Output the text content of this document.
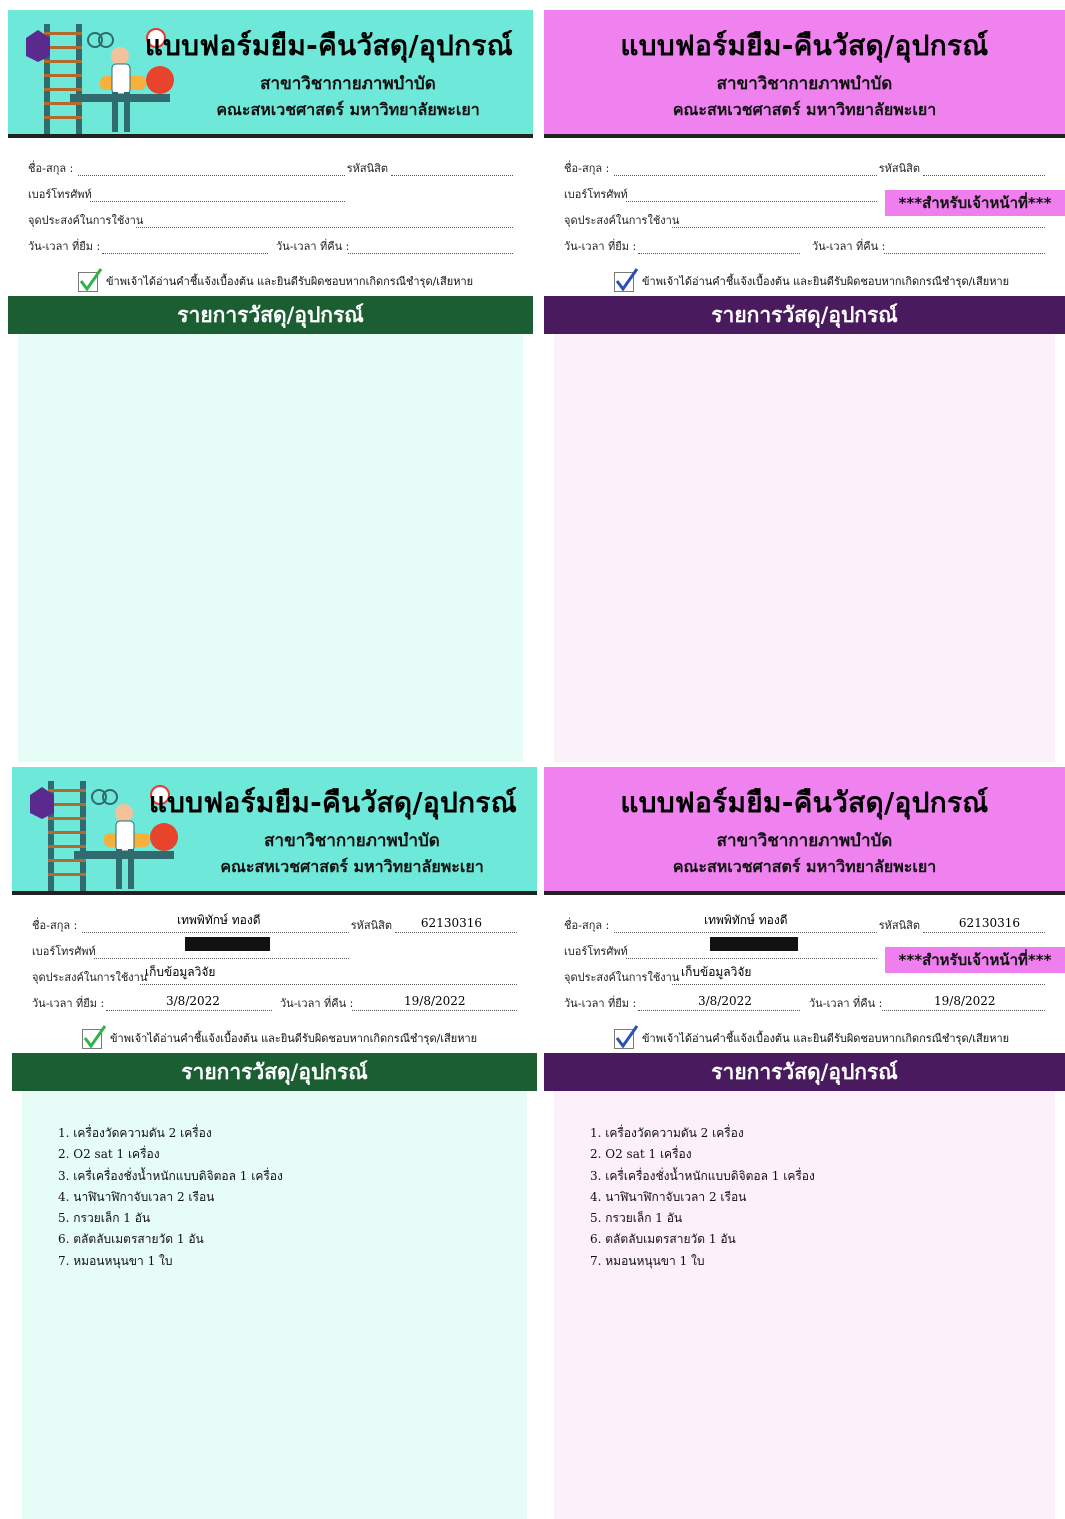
แบบฟอร์มยืม-คืนวัสดุ/อุปกรณ์
สาขาวิชากายภาพบำบัด
คณะสหเวชศาสตร์ มหาวิทยาลัยพะเยา
ชื่อ-สกุล :	รหัสนิสิต
เบอร์โทรศัพท์
จุดประสงค์ในการใช้งาน
วัน-เวลา ที่ยืม :	วัน-เวลา ที่คืน :
ข้าพเจ้าได้อ่านคำชี้แจ้งเบื้องต้น และยินดีรับผิดชอบหากเกิดกรณีชำรุด/เสียหาย
รายการวัสดุ/อุปกรณ์
แบบฟอร์มยืม-คืนวัสดุ/อุปกรณ์
สาขาวิชากายภาพบำบัด
คณะสหเวชศาสตร์ มหาวิทยาลัยพะเยา
ชื่อ-สกุล :	รหัสนิสิต
เบอร์โทรศัพท์	***สำหรับเจ้าหน้าที่***
จุดประสงค์ในการใช้งาน
วัน-เวลา ที่ยืม :	วัน-เวลา ที่คืน :
ข้าพเจ้าได้อ่านคำชี้แจ้งเบื้องต้น และยินดีรับผิดชอบหากเกิดกรณีชำรุด/เสียหาย
รายการวัสดุ/อุปกรณ์
แบบฟอร์มยืม-คืนวัสดุ/อุปกรณ์
สาขาวิชากายภาพบำบัด
คณะสหเวชศาสตร์ มหาวิทยาลัยพะเยา
ชื่อ-สกุล :	เทพพิทักษ์ ทองดี	รหัสนิสิต 62130316
เบอร์โทรศัพท์
จุดประสงค์ในการใช้งาน
เก็บข้อมูลวิจัย
วัน-เวลา ที่ยืม :	3/8/2022	วัน-เวลา ที่คืน :	19/8/2022
ข้าพเจ้าได้อ่านคำชี้แจ้งเบื้องต้น และยินดีรับผิดชอบหากเกิดกรณีชำรุด/เสียหาย
รายการวัสดุ/อุปกรณ์
1. เครื่องวัดความดัน 2 เครื่อง
2. O2 sat 1 เครื่อง
3. เครื่เครื่องชั่งน้ำหนักแบบดิจิตอล 1 เครื่อง
4. นาฬินาฬิกาจับเวลา 2 เรือน
5. กรวยเล็ก 1 อัน
6. ตลัตลับเมตรสายวัด 1 อัน
7. หมอนหนุนขา 1 ใบ
แบบฟอร์มยืม-คืนวัสดุ/อุปกรณ์
สาขาวิชากายภาพบำบัด
คณะสหเวชศาสตร์ มหาวิทยาลัยพะเยา
ชื่อ-สกุล :	เทพพิทักษ์ ทองดี	รหัสนิสิต	62130316
เบอร์โทรศัพท์	***สำหรับเจ้าหน้าที่***
จุดประสงค์ในการใช้งาน เก็บข้อมูลวิจัย
วัน-เวลา ที่ยืม :	3/8/2022	วัน-เวลา ที่คืน :	19/8/2022
ข้าพเจ้าได้อ่านคำชี้แจ้งเบื้องต้น และยินดีรับผิดชอบหากเกิดกรณีชำรุด/เสียหาย
รายการวัสดุ/อุปกรณ์
1. เครื่องวัดความดัน 2 เครื่อง
2. O2 sat 1 เครื่อง
3. เครื่เครื่องชั่งน้ำหนักแบบดิจิตอล 1 เครื่อง
4. นาฬินาฬิกาจับเวลา 2 เรือน
5. กรวยเล็ก 1 อัน
6. ตลัตลับเมตรสายวัด 1 อัน
7. หมอนหนุนขา 1 ใบ
